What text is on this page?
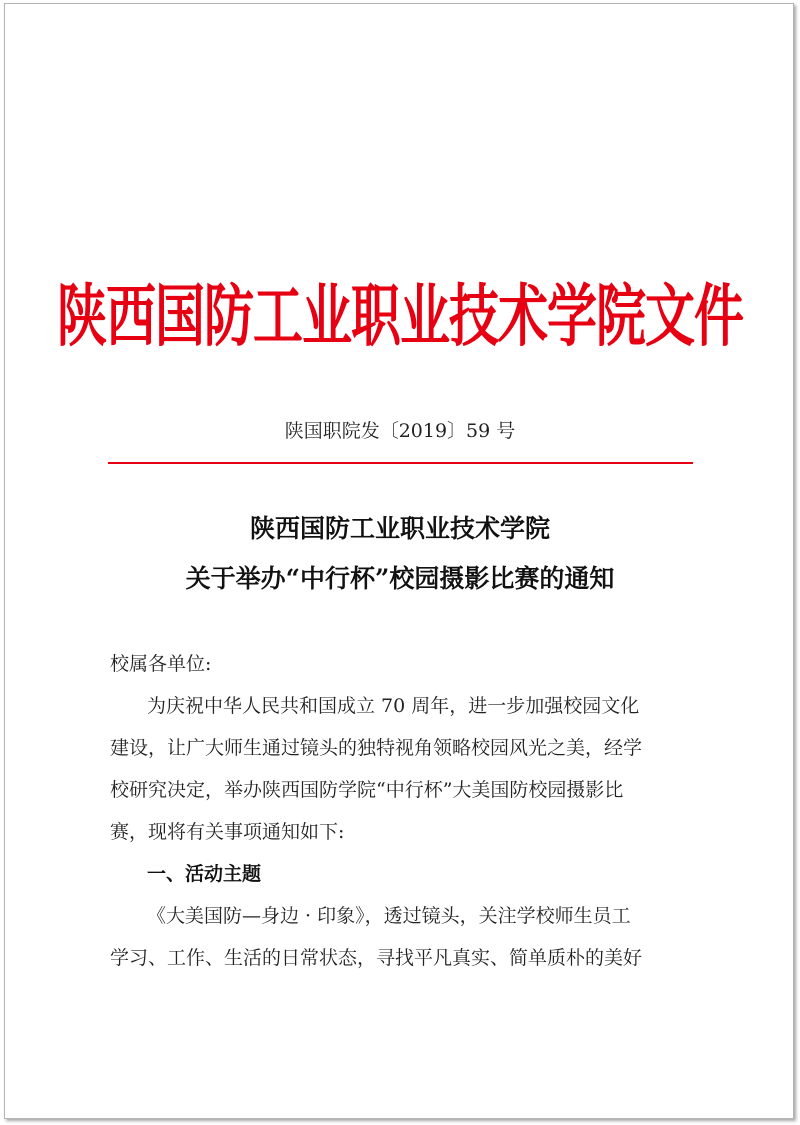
陕西国防工业职业技术学院文件
陕国职院发〔2019〕59 号
陕西国防工业职业技术学院
关于举办“中行杯”校园摄影比赛的通知
校属各单位:
为庆祝中华人民共和国成立 70 周年，进一步加强校园文化
建设，让广大师生通过镜头的独特视角领略校园风光之美，经学
校研究决定，举办陕西国防学院“中行杯”大美国防校园摄影比
赛，现将有关事项通知如下:
一、活动主题
《大美国防—身边 · 印象》，透过镜头，关注学校师生员工
学习、工作、生活的日常状态，寻找平凡真实、简单质朴的美好
